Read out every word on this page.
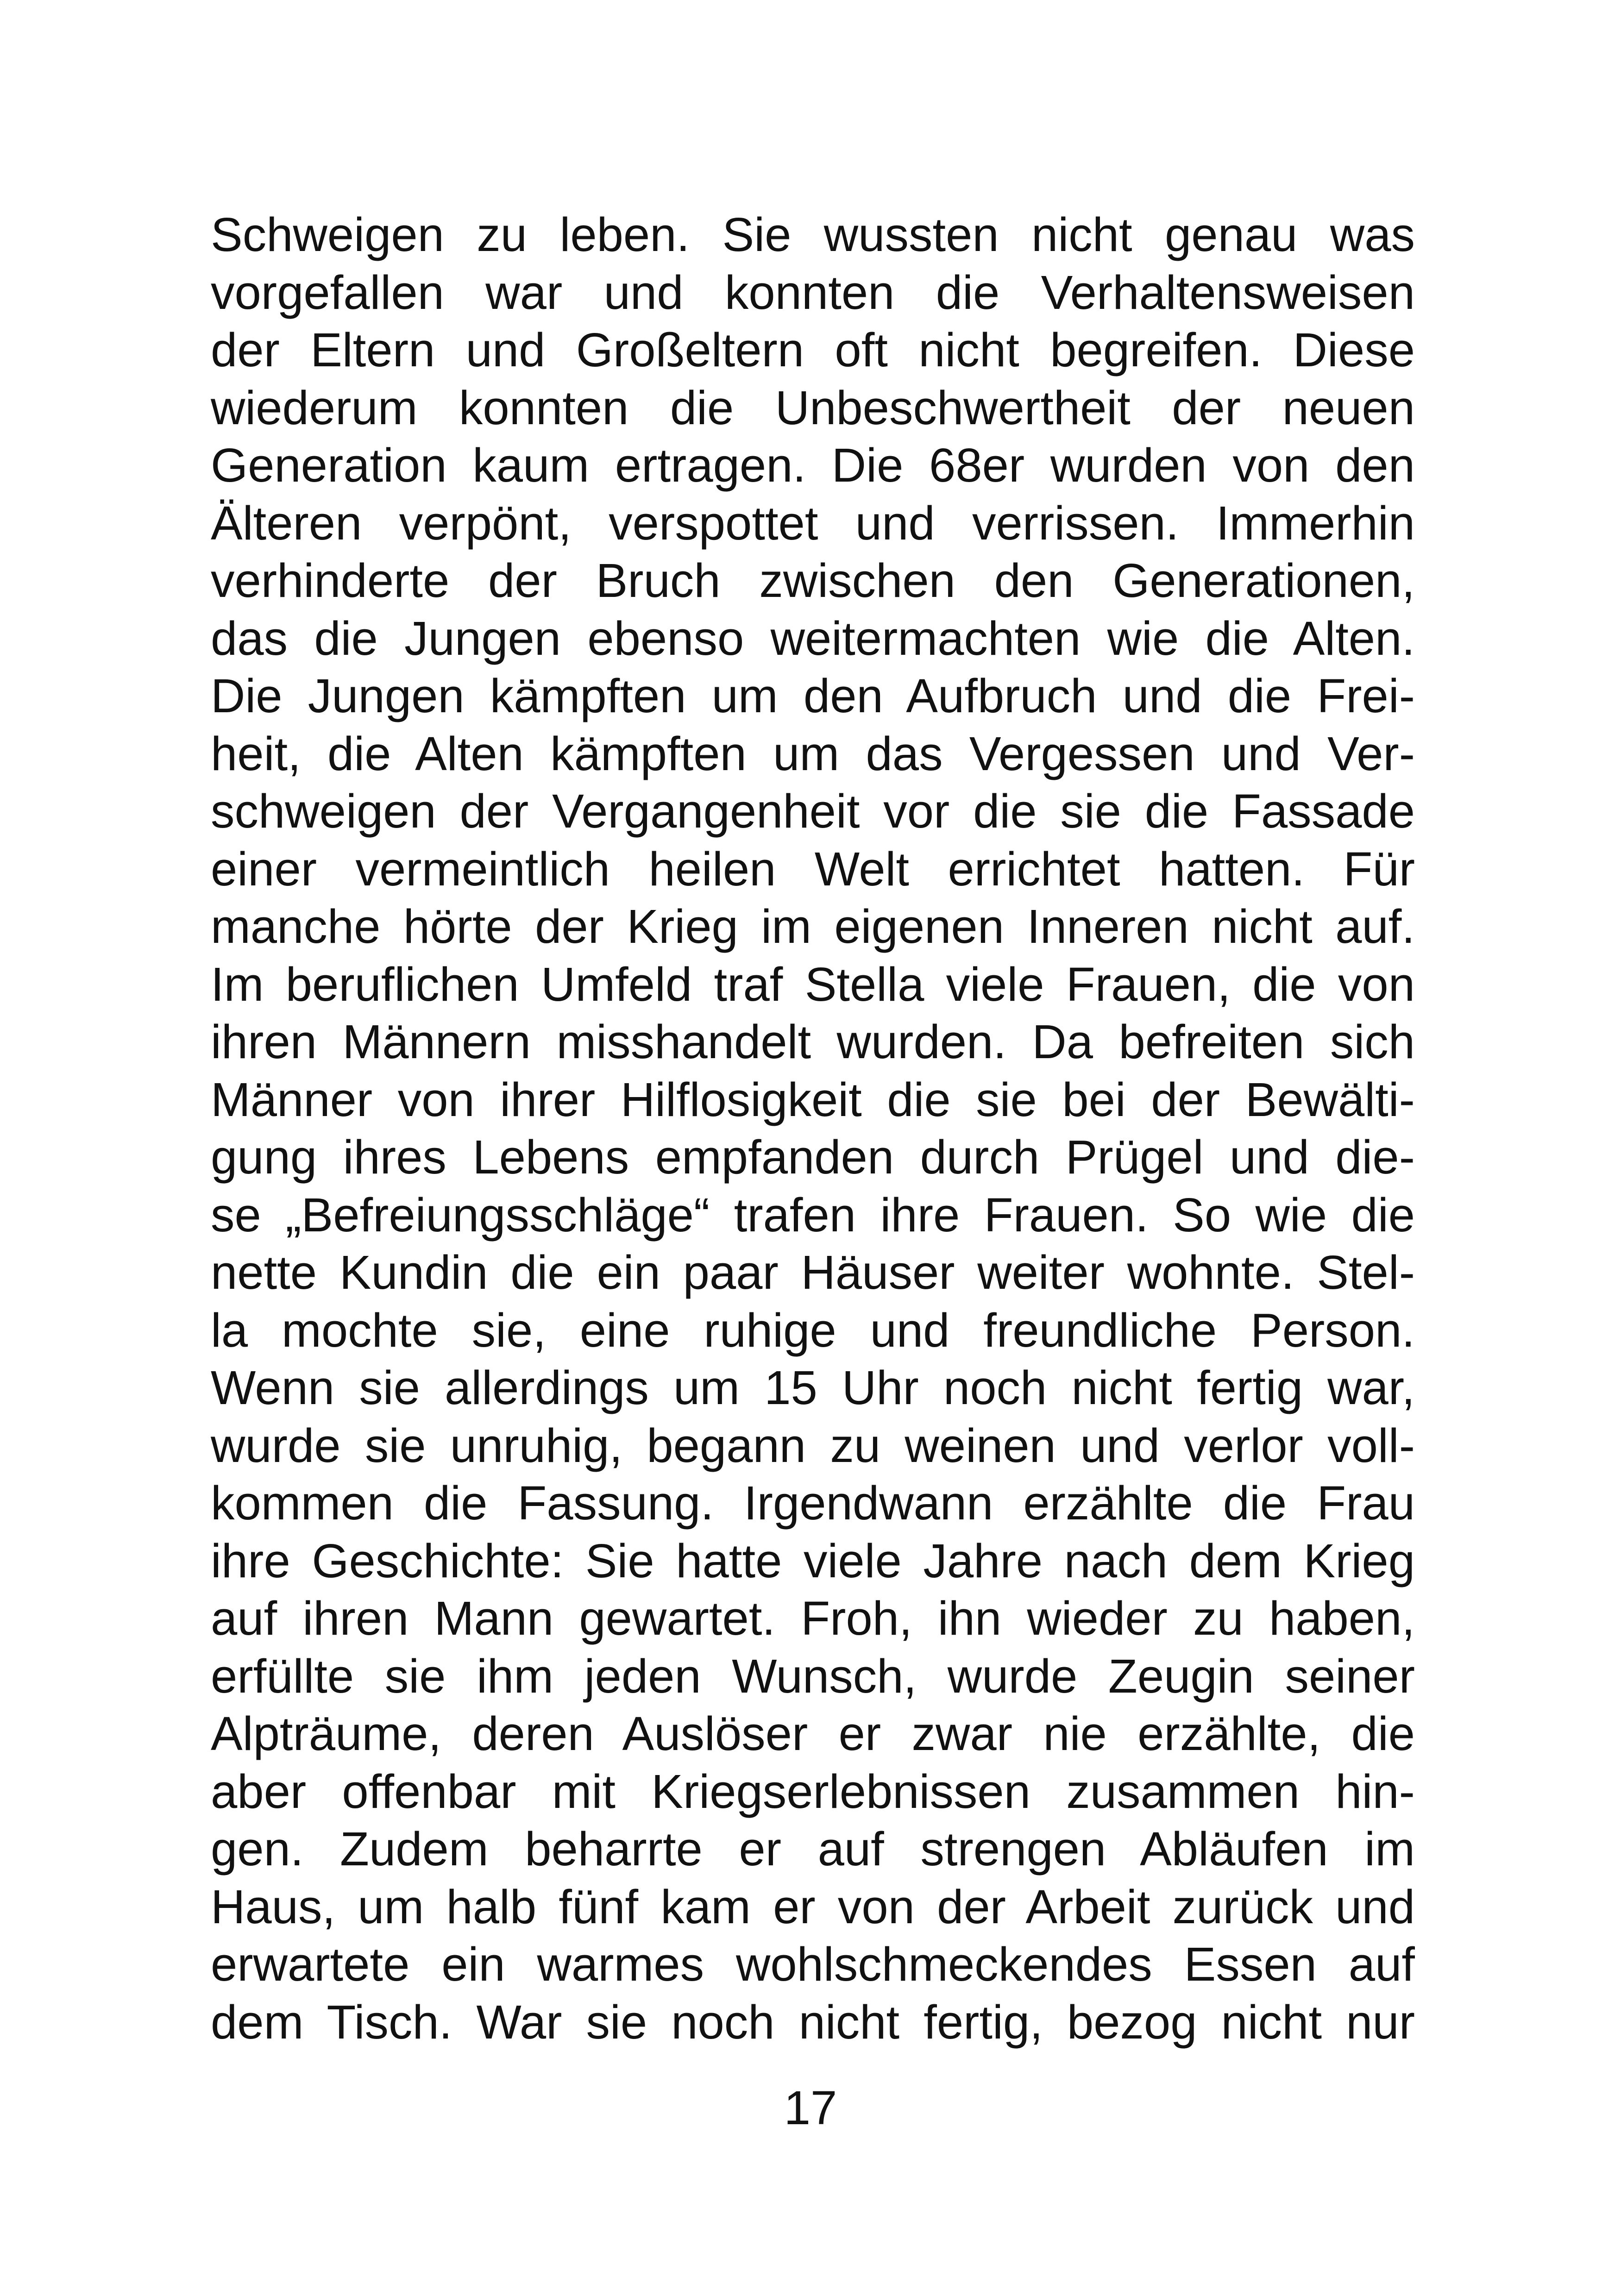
Schweigen zu leben. Sie wussten nicht genau was
vorgefallen war und konnten die Verhaltensweisen
der Eltern und Großeltern oft nicht begreifen. Diese
wiederum konnten die Unbeschwertheit der neuen
Generation kaum ertragen. Die 68er wurden von den
Älteren verpönt, verspottet und verrissen. Immerhin
verhinderte der Bruch zwischen den Generationen,
das die Jungen ebenso weitermachten wie die Alten.
Die Jungen kämpften um den Aufbruch und die Frei-
heit, die Alten kämpften um das Vergessen und Ver-
schweigen der Vergangenheit vor die sie die Fassade
einer vermeintlich heilen Welt errichtet hatten. Für
manche hörte der Krieg im eigenen Inneren nicht auf.
Im beruflichen Umfeld traf Stella viele Frauen, die von
ihren Männern misshandelt wurden. Da befreiten sich
Männer von ihrer Hilflosigkeit die sie bei der Bewälti-
gung ihres Lebens empfanden durch Prügel und die-
se „Befreiungsschläge“ trafen ihre Frauen. So wie die
nette Kundin die ein paar Häuser weiter wohnte. Stel-
la mochte sie, eine ruhige und freundliche Person.
Wenn sie allerdings um 15 Uhr noch nicht fertig war,
wurde sie unruhig, begann zu weinen und verlor voll-
kommen die Fassung. Irgendwann erzählte die Frau
ihre Geschichte: Sie hatte viele Jahre nach dem Krieg
auf ihren Mann gewartet. Froh, ihn wieder zu haben,
erfüllte sie ihm jeden Wunsch, wurde Zeugin seiner
Alpträume, deren Auslöser er zwar nie erzählte, die
aber offenbar mit Kriegserlebnissen zusammen hin-
gen. Zudem beharrte er auf strengen Abläufen im
Haus, um halb fünf kam er von der Arbeit zurück und
erwartete ein warmes wohlschmeckendes Essen auf
dem Tisch. War sie noch nicht fertig, bezog nicht nur
17
